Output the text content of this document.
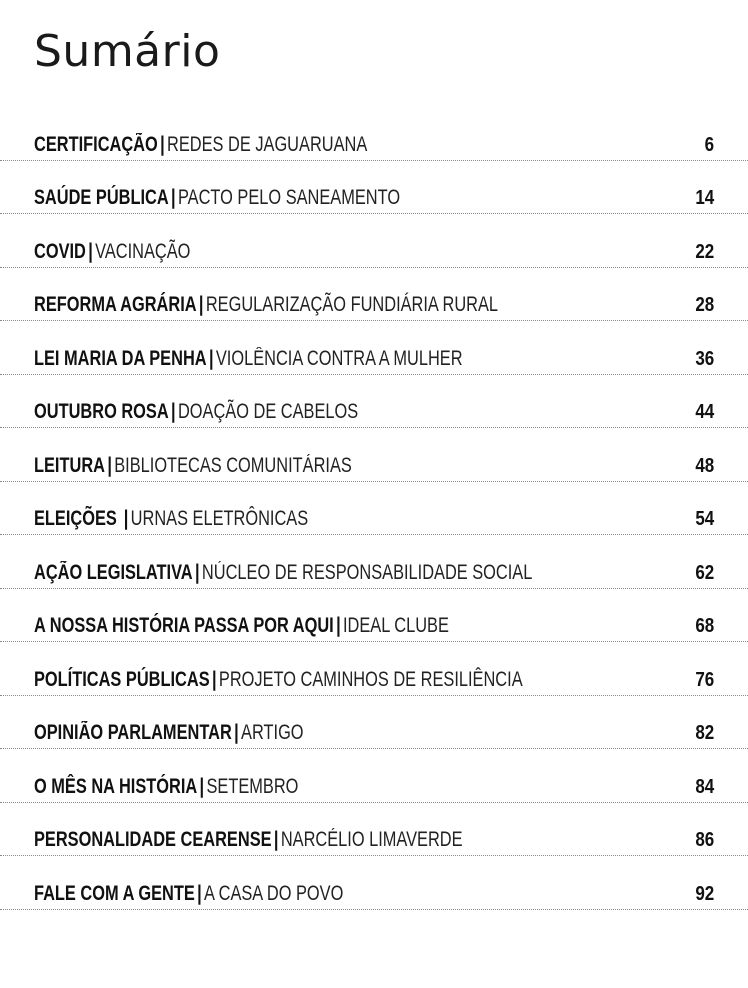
Sumário
CERTIFICAÇÃO | REDES DE JAGUARUANA	6
SAÚDE PÚBLICA | PACTO PELO SANEAMENTO	14
COVID | VACINAÇÃO	22
REFORMA AGRÁRIA | REGULARIZAÇÃO FUNDIÁRIA RURAL	28
LEI MARIA DA PENHA | VIOLÊNCIA CONTRA A MULHER	36
OUTUBRO ROSA | DOAÇÃO DE CABELOS	44
LEITURA | BIBLIOTECAS COMUNITÁRIAS	48
ELEIÇÕES | URNAS ELETRÔNICAS	54
AÇÃO LEGISLATIVA | NÚCLEO DE RESPONSABILIDADE SOCIAL	62
A NOSSA HISTÓRIA PASSA POR AQUI | IDEAL CLUBE	68
POLÍTICAS PÚBLICAS | PROJETO CAMINHOS DE RESILIÊNCIA	76
OPINIÃO PARLAMENTAR | ARTIGO	82
O MÊS NA HISTÓRIA | SETEMBRO	84
PERSONALIDADE CEARENSE | NARCÉLIO LIMAVERDE	86
FALE COM A GENTE | A CASA DO POVO	92
